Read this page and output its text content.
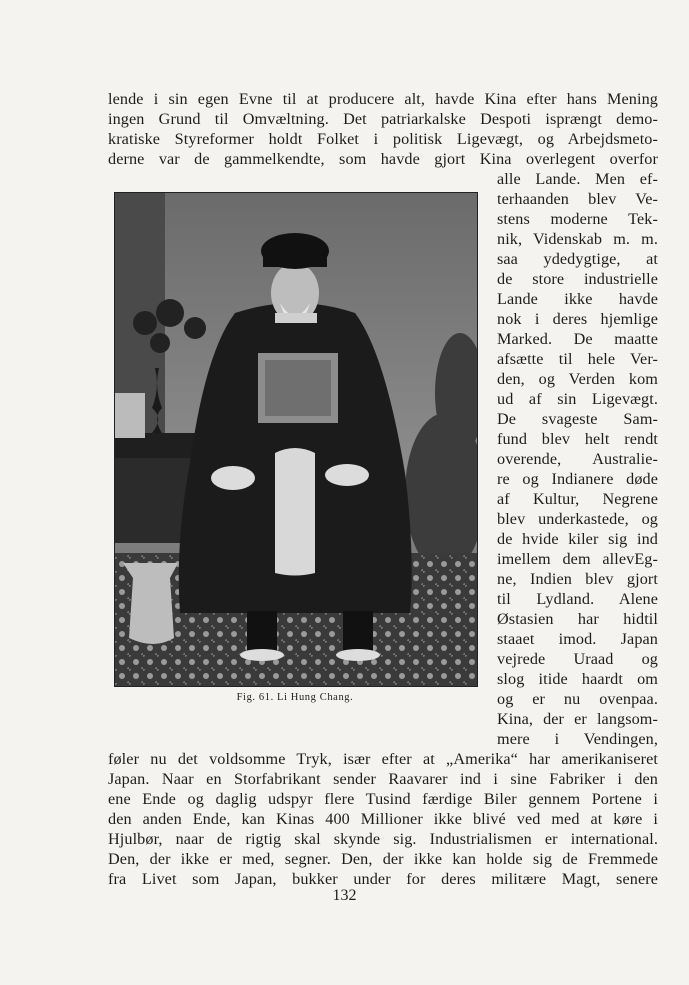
lende i sin egen Evne til at producere alt, havde Kina efter hans Mening
ingen Grund til Omvæltning. Det patriarkalske Despoti isprængt demo-
kratiske Styreformer holdt Folket i politisk Ligevægt, og Arbejdsmeto-
derne var de gammelkendte, som havde gjort Kina overlegent overfor
alle Lande. Men ef-
terhaanden blev Ve-
stens moderne Tek-
nik, Videnskab m. m.
saa ydedygtige, at
de store industrielle
Lande ikke havde
nok i deres hjemlige
Marked. De maatte
afsætte til hele Ver-
den, og Verden kom
ud af sin Ligevægt.
De svageste Sam-
fund blev helt rendt
overende, Australie-
re og Indianere døde
af Kultur, Negrene
blev underkastede, og
de hvide kiler sig ind
imellem dem allevEg-
ne, Indien blev gjort
til Lydland. Alene
Østasien har hidtil
staaet imod. Japan
vejrede Uraad og
slog itide haardt om
og er nu ovenpaa.
Kina, der er langsom-
mere i Vendingen,
føler nu det voldsomme Tryk, især efter at „Amerika“ har amerikaniseret
Japan. Naar en Storfabrikant sender Raavarer ind i sine Fabriker i den
ene Ende og daglig udspyr flere Tusind færdige Biler gennem Portene i
den anden Ende, kan Kinas 400 Millioner ikke blivé ved med at køre i
Hjulbør, naar de rigtig skal skynde sig. Industrialismen er international.
Den, der ikke er med, segner. Den, der ikke kan holde sig de Fremmede
fra Livet som Japan, bukker under for deres militære Magt, senere
Fig. 61. Li Hung Chang.
132
